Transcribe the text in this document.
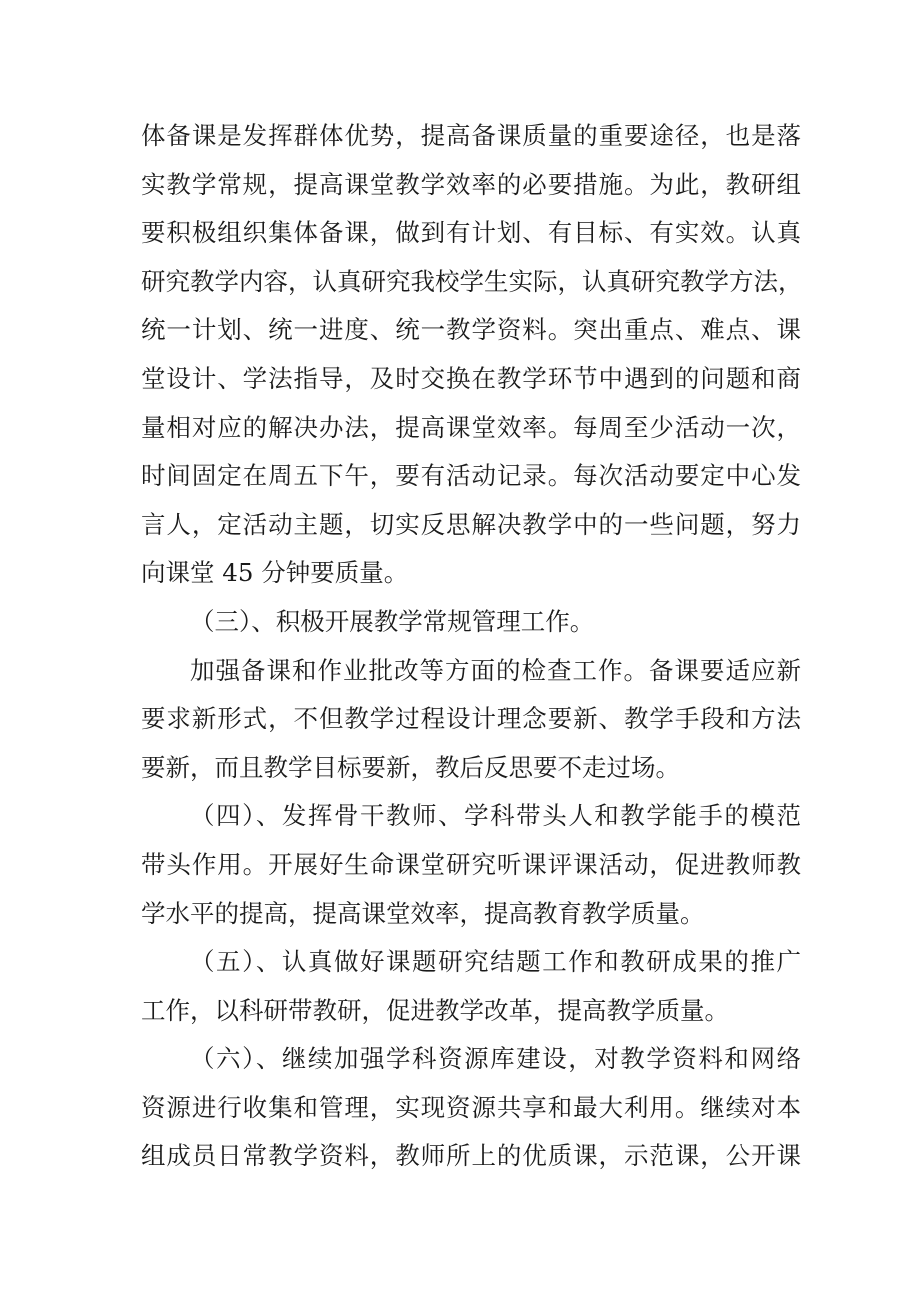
体备课是发挥群体优势，提高备课质量的重要途径，也是落
实教学常规，提高课堂教学效率的必要措施。为此，教研组
要积极组织集体备课，做到有计划、有目标、有实效。认真
研究教学内容，认真研究我校学生实际，认真研究教学方法，
统一计划、统一进度、统一教学资料。突出重点、难点、课
堂设计、学法指导，及时交换在教学环节中遇到的问题和商
量相对应的解决办法，提高课堂效率。每周至少活动一次，
时间固定在周五下午，要有活动记录。每次活动要定中心发
言人，定活动主题，切实反思解决教学中的一些问题，努力
向课堂 45 分钟要质量。
（三）、积极开展教学常规管理工作。
加强备课和作业批改等方面的检查工作。备课要适应新
要求新形式，不但教学过程设计理念要新、教学手段和方法
要新，而且教学目标要新，教后反思要不走过场。
（四）、发挥骨干教师、学科带头人和教学能手的模范
带头作用。开展好生命课堂研究听课评课活动，促进教师教
学水平的提高，提高课堂效率，提高教育教学质量。
（五）、认真做好课题研究结题工作和教研成果的推广
工作，以科研带教研，促进教学改革，提高教学质量。
（六）、继续加强学科资源库建设，对教学资料和网络
资源进行收集和管理，实现资源共享和最大利用。继续对本
组成员日常教学资料，教师所上的优质课，示范课，公开课
